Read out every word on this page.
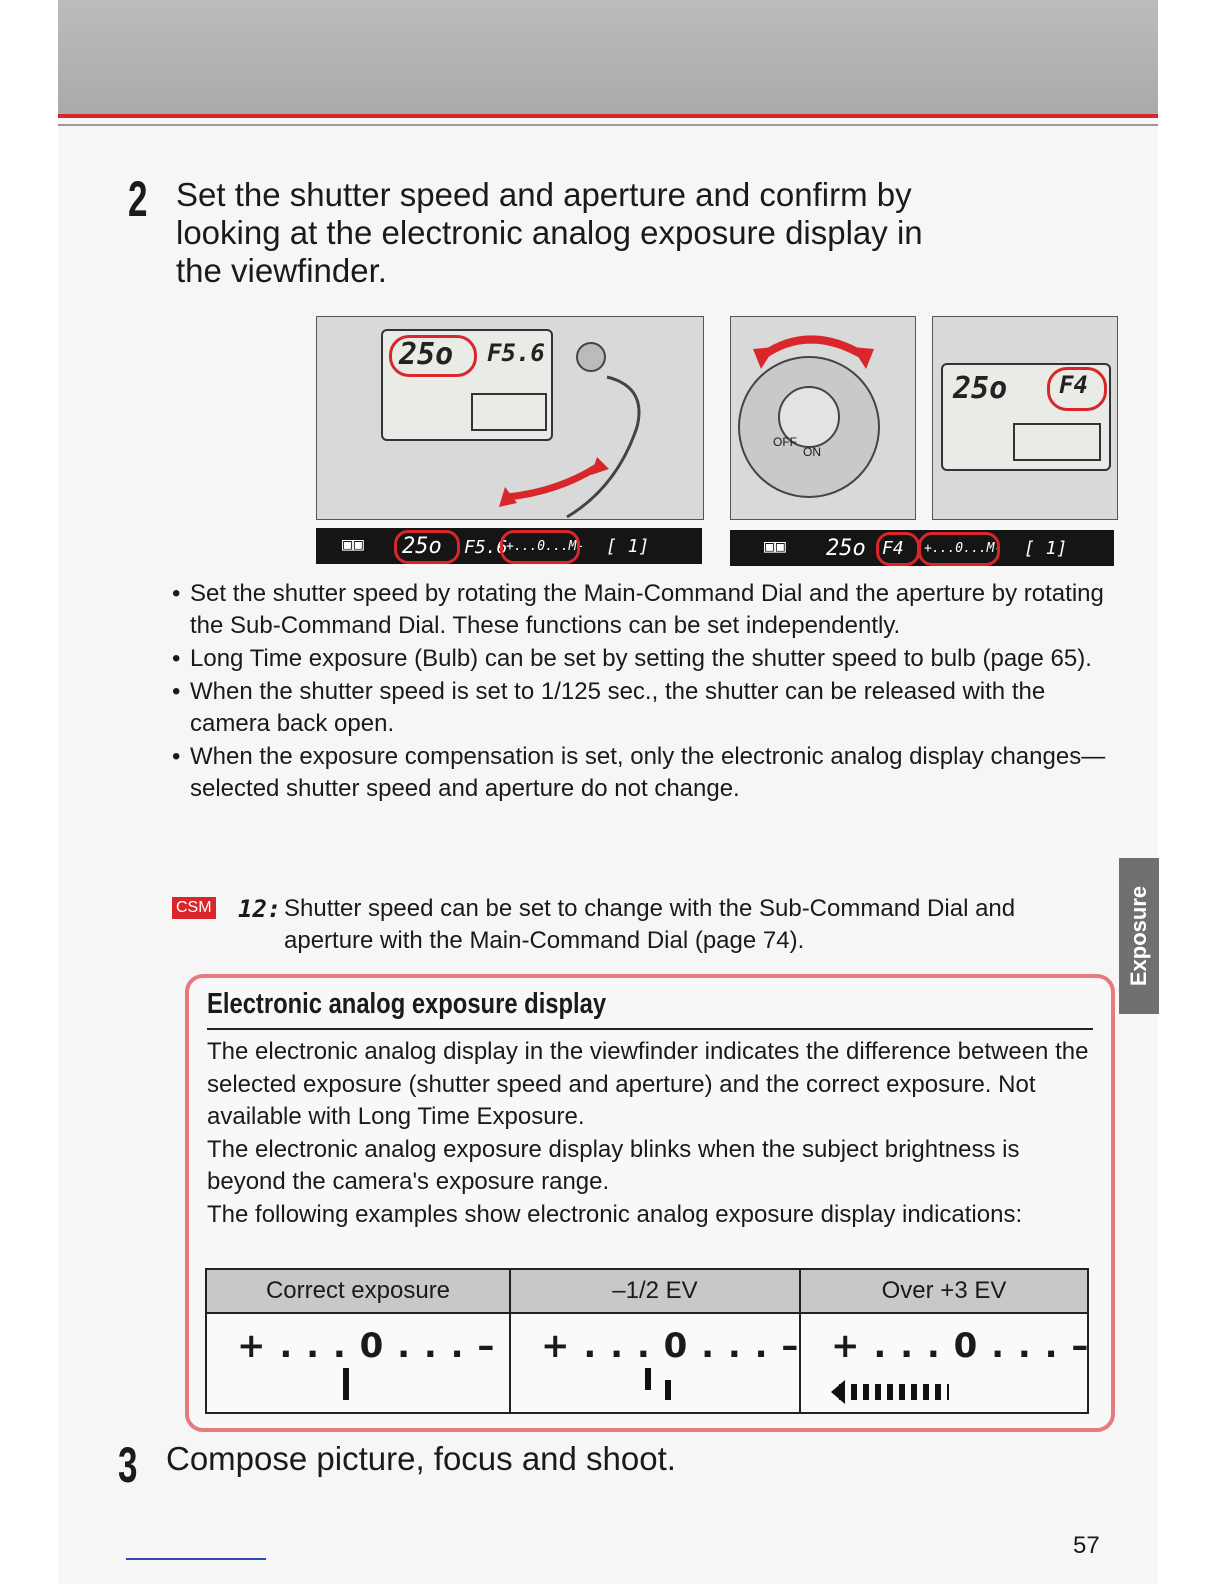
2 Set the shutter speed and aperture and confirm by
looking at the electronic analog exposure display in
the viewfinder.
25o F5.6
OFF
ON
25o F4
▣▣ 25o F5.6
+...0...M- [ 1]	▣▣ 25o F4 +...0...M- [ 1]
• Set the shutter speed by rotating the Main-Command Dial and the aperture by rotating the Sub-Command Dial. These functions can be set independently.
• Long Time exposure (Bulb) can be set by setting the shutter speed to bulb (page 65).
• When the shutter speed is set to 1/125 sec., the shutter can be released with the camera back open.
• When the exposure compensation is set, only the electronic analog display changes—selected shutter speed and aperture do not change.
CSM 12: Shutter speed can be set to change with the Sub-Command Dial and aperture with the Main-Command Dial (page 74).
Electronic analog exposure display
The electronic analog display in the viewfinder indicates the difference between the selected exposure (shutter speed and aperture) and the correct exposure. Not available with Long Time Exposure.
The electronic analog exposure display blinks when the subject brightness is beyond the camera's exposure range.
The following examples show electronic analog exposure display indications:
Correct exposure	–1/2 EV	Over +3 EV

+ . . . 0 . . . –	+ . . . 0 . . . –	+ . . . 0 . . . –
3 Compose picture, focus and shoot.
Exposure
57
